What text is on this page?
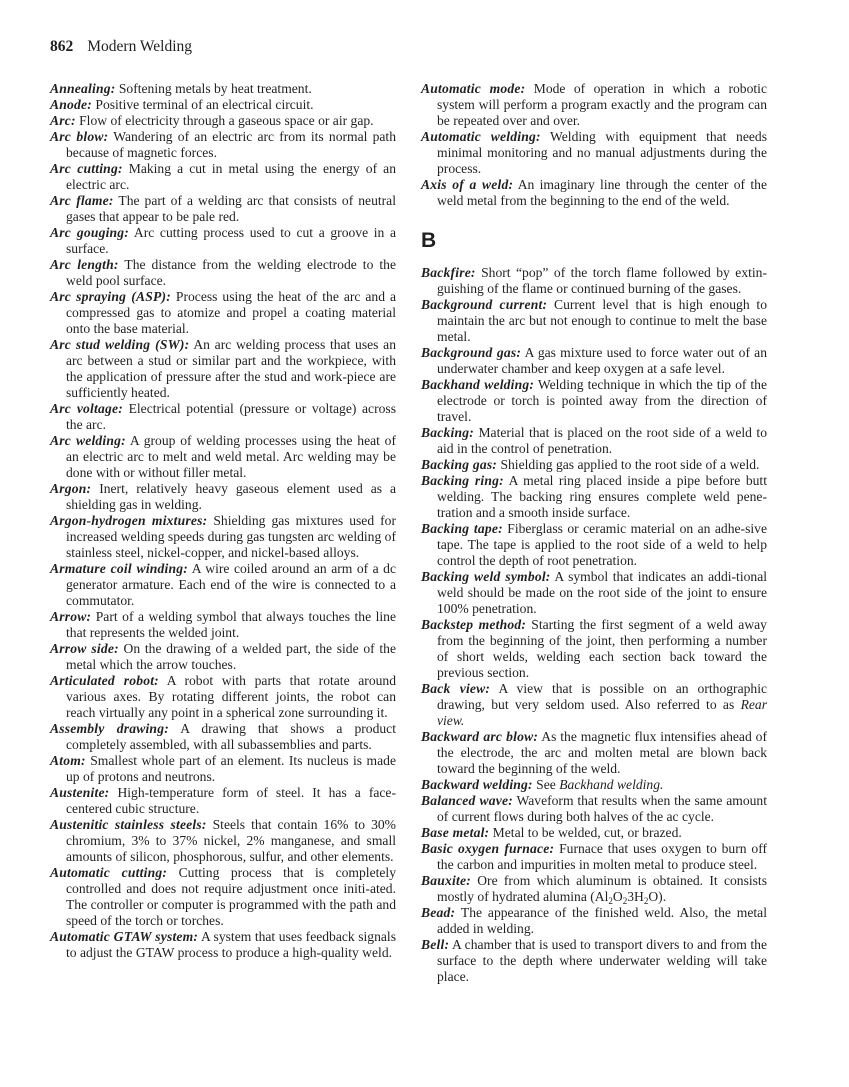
862 Modern Welding

Annealing: Softening metals by heat treatment.

Anode: Positive terminal of an electrical circuit.

Arc: Flow of electricity through a gaseous space or air gap.

Arc blow: Wandering of an electric arc from its normal path because of magnetic forces.

Arc cutting: Making a cut in metal using the energy of an electric arc.

Arc flame: The part of a welding arc that consists of neutral gases that appear to be pale red.

Arc gouging: Arc cutting process used to cut a groove in a surface.

Arc length: The distance from the welding electrode to the weld pool surface.

Arc spraying (ASP): Process using the heat of the arc and a compressed gas to atomize and propel a coating material onto the base material.

Arc stud welding (SW): An arc welding process that uses an arc between a stud or similar part and the workpiece, with the application of pressure after the stud and work-piece are sufficiently heated.

Arc voltage: Electrical potential (pressure or voltage) across the arc.

Arc welding: A group of welding processes using the heat of an electric arc to melt and weld metal. Arc welding may be done with or without filler metal.

Argon: Inert, relatively heavy gaseous element used as a shielding gas in welding.

Argon-hydrogen mixtures: Shielding gas mixtures used for increased welding speeds during gas tungsten arc welding of stainless steel, nickel-copper, and nickel-based alloys.

Armature coil winding: A wire coiled around an arm of a dc generator armature. Each end of the wire is connected to a commutator.

Arrow: Part of a welding symbol that always touches the line that represents the welded joint.

Arrow side: On the drawing of a welded part, the side of the metal which the arrow touches.

Articulated robot: A robot with parts that rotate around various axes. By rotating different joints, the robot can reach virtually any point in a spherical zone surrounding it.

Assembly drawing: A drawing that shows a product completely assembled, with all subassemblies and parts.

Atom: Smallest whole part of an element. Its nucleus is made up of protons and neutrons.

Austenite: High-temperature form of steel. It has a face-centered cubic structure.

Austenitic stainless steels: Steels that contain 16% to 30% chromium, 3% to 37% nickel, 2% manganese, and small amounts of silicon, phosphorous, sulfur, and other elements.

Automatic cutting: Cutting process that is completely controlled and does not require adjustment once initi-ated. The controller or computer is programmed with the path and speed of the torch or torches.

Automatic GTAW system: A system that uses feedback signals to adjust the GTAW process to produce a high-quality weld.

Automatic mode: Mode of operation in which a robotic system will perform a program exactly and the program can be repeated over and over.

Automatic welding: Welding with equipment that needs minimal monitoring and no manual adjustments during the process.

Axis of a weld: An imaginary line through the center of the weld metal from the beginning to the end of the weld.

B

Backfire: Short “pop” of the torch flame followed by extin-guishing of the flame or continued burning of the gases.

Background current: Current level that is high enough to maintain the arc but not enough to continue to melt the base metal.

Background gas: A gas mixture used to force water out of an underwater chamber and keep oxygen at a safe level.

Backhand welding: Welding technique in which the tip of the electrode or torch is pointed away from the direction of travel.

Backing: Material that is placed on the root side of a weld to aid in the control of penetration.

Backing gas: Shielding gas applied to the root side of a weld.

Backing ring: A metal ring placed inside a pipe before butt welding. The backing ring ensures complete weld pene-tration and a smooth inside surface.

Backing tape: Fiberglass or ceramic material on an adhe-sive tape. The tape is applied to the root side of a weld to help control the depth of root penetration.

Backing weld symbol: A symbol that indicates an addi-tional weld should be made on the root side of the joint to ensure 100% penetration.

Backstep method: Starting the first segment of a weld away from the beginning of the joint, then performing a number of short welds, welding each section back toward the previous section.

Back view: A view that is possible on an orthographic drawing, but very seldom used. Also referred to as Rear view.

Backward arc blow: As the magnetic flux intensifies ahead of the electrode, the arc and molten metal are blown back toward the beginning of the weld.

Backward welding: See Backhand welding.

Balanced wave: Waveform that results when the same amount of current flows during both halves of the ac cycle.

Base metal: Metal to be welded, cut, or brazed.

Basic oxygen furnace: Furnace that uses oxygen to burn off the carbon and impurities in molten metal to produce steel.

Bauxite: Ore from which aluminum is obtained. It consists mostly of hydrated alumina $(Al_2O_23H_2O)$.

Bead: The appearance of the finished weld. Also, the metal added in welding.

Bell: A chamber that is used to transport divers to and from the surface to the depth where underwater welding will take place.
